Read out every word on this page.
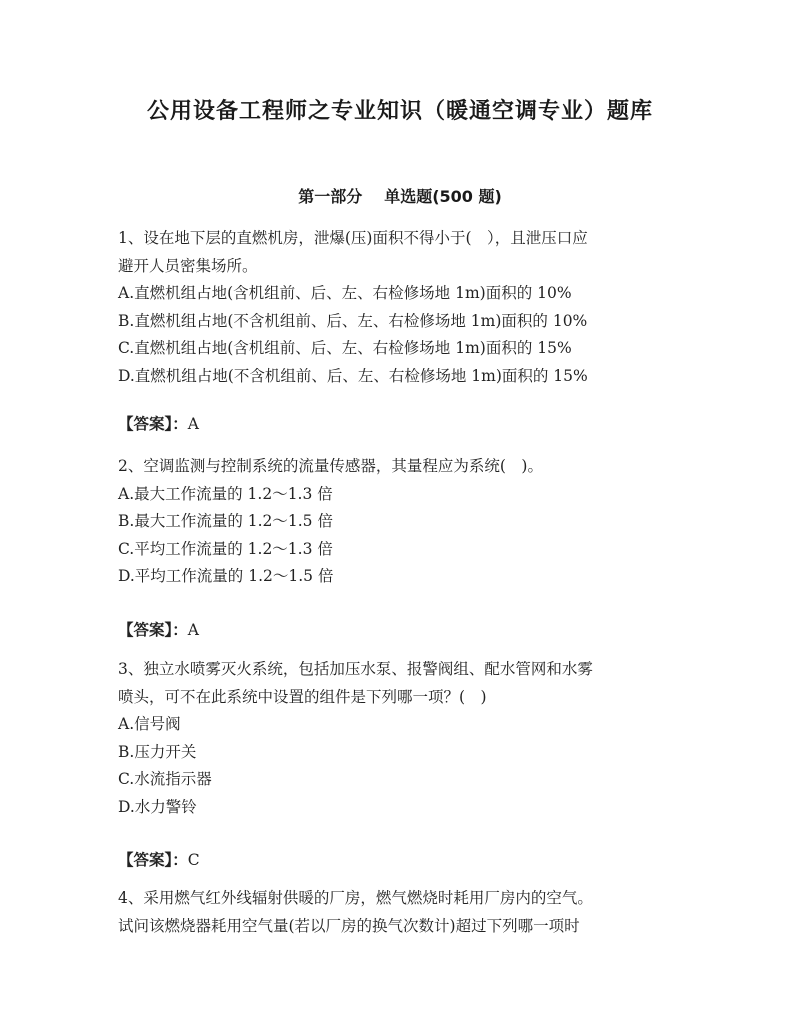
公用设备工程师之专业知识（暖通空调专业）题库
第一部分 单选题(500 题)
1、设在地下层的直燃机房，泄爆(压)面积不得小于(　），且泄压口应
避开人员密集场所。
A.直燃机组占地(含机组前、后、左、右检修场地 1m)面积的 10%
B.直燃机组占地(不含机组前、后、左、右检修场地 1m)面积的 10%
C.直燃机组占地(含机组前、后、左、右检修场地 1m)面积的 15%
D.直燃机组占地(不含机组前、后、左、右检修场地 1m)面积的 15%
【答案】：A
2、空调监测与控制系统的流量传感器，其量程应为系统(　)。
A.最大工作流量的 1.2～1.3 倍
B.最大工作流量的 1.2～1.5 倍
C.平均工作流量的 1.2～1.3 倍
D.平均工作流量的 1.2～1.5 倍
【答案】：A
3、独立水喷雾灭火系统，包括加压水泵、报警阀组、配水管网和水雾
喷头，可不在此系统中设置的组件是下列哪一项？(　)
A.信号阀
B.压力开关
C.水流指示器
D.水力警铃
【答案】：C
4、采用燃气红外线辐射供暖的厂房，燃气燃烧时耗用厂房内的空气。
试问该燃烧器耗用空气量(若以厂房的换气次数计)超过下列哪一项时
